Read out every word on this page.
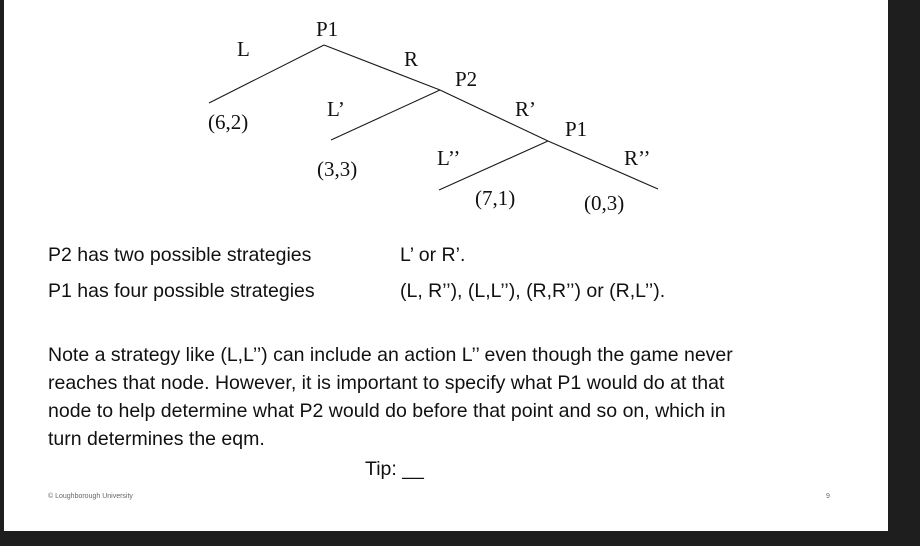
P1
P2
P1
L	R
L’	R’
L’’	R’’
(6,2)
(3,3)
(7,1)	(0,3)
P2 has two possible strategies	L’ or R’.
P1 has four possible strategies	(L, R’’), (L,L’’), (R,R’’) or (R,L’’).
Note a strategy like (L,L’’) can include an action L’’ even though the game never
reaches that node. However, it is important to specify what P1 would do at that
node to help determine what P2 would do before that point and so on, which in
turn determines the eqm.
Tip: __
© Loughborough University	9
